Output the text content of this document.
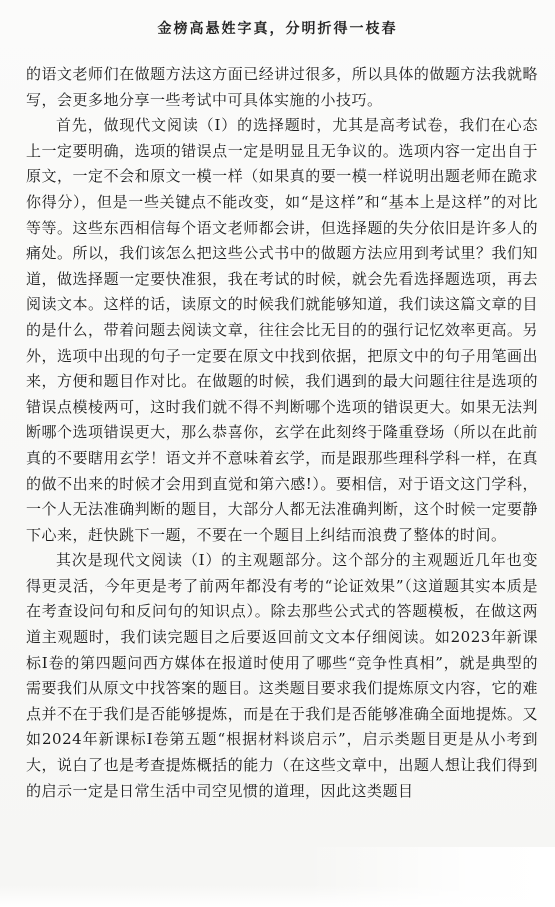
金榜高悬姓字真，分明折得一枝春

的语文老师们在做题方法这方面已经讲过很多，所以具体的做题方法我就略写，会更多地分享一些考试中可具体实施的小技巧。

首先，做现代文阅读（I）的选择题时，尤其是高考试卷，我们在心态上一定要明确，选项的错误点一定是明显且无争议的。选项内容一定出自于原文，一定不会和原文一模一样（如果真的要一模一样说明出题老师在跪求你得分），但是一些关键点不能改变，如“是这样”和“基本上是这样”的对比等等。这些东西相信每个语文老师都会讲，但选择题的失分依旧是许多人的痛处。所以，我们该怎么把这些公式书中的做题方法应用到考试里？我们知道，做选择题一定要快准狠，我在考试的时候，就会先看选择题选项，再去阅读文本。这样的话，读原文的时候我们就能够知道，我们读这篇文章的目的是什么，带着问题去阅读文章，往往会比无目的的强行记忆效率更高。另外，选项中出现的句子一定要在原文中找到依据，把原文中的句子用笔画出来，方便和题目作对比。在做题的时候，我们遇到的最大问题往往是选项的错误点模棱两可，这时我们就不得不判断哪个选项的错误更大。如果无法判断哪个选项错误更大，那么恭喜你，玄学在此刻终于隆重登场（所以在此前真的不要瞎用玄学！语文并不意味着玄学，而是跟那些理科学科一样，在真的做不出来的时候才会用到直觉和第六感!）。要相信，对于语文这门学科，一个人无法准确判断的题目，大部分人都无法准确判断，这个时候一定要静下心来，赶快跳下一题，不要在一个题目上纠结而浪费了整体的时间。

其次是现代文阅读（I）的主观题部分。这个部分的主观题近几年也变得更灵活，今年更是考了前两年都没有考的“论证效果”（这道题其实本质是在考查设问句和反问句的知识点）。除去那些公式式的答题模板，在做这两道主观题时，我们读完题目之后要返回前文文本仔细阅读。如2023年新课标Ⅰ卷的第四题问西方媒体在报道时使用了哪些“竞争性真相”，就是典型的需要我们从原文中找答案的题目。这类题目要求我们提炼原文内容，它的难点并不在于我们是否能够提炼，而是在于我们是否能够准确全面地提炼。又如2024年新课标Ⅰ卷第五题“根据材料谈启示”，启示类题目更是从小考到大，说白了也是考查提炼概括的能力（在这些文章中，出题人想让我们得到的启示一定是日常生活中司空见惯的道理，因此这类题目
